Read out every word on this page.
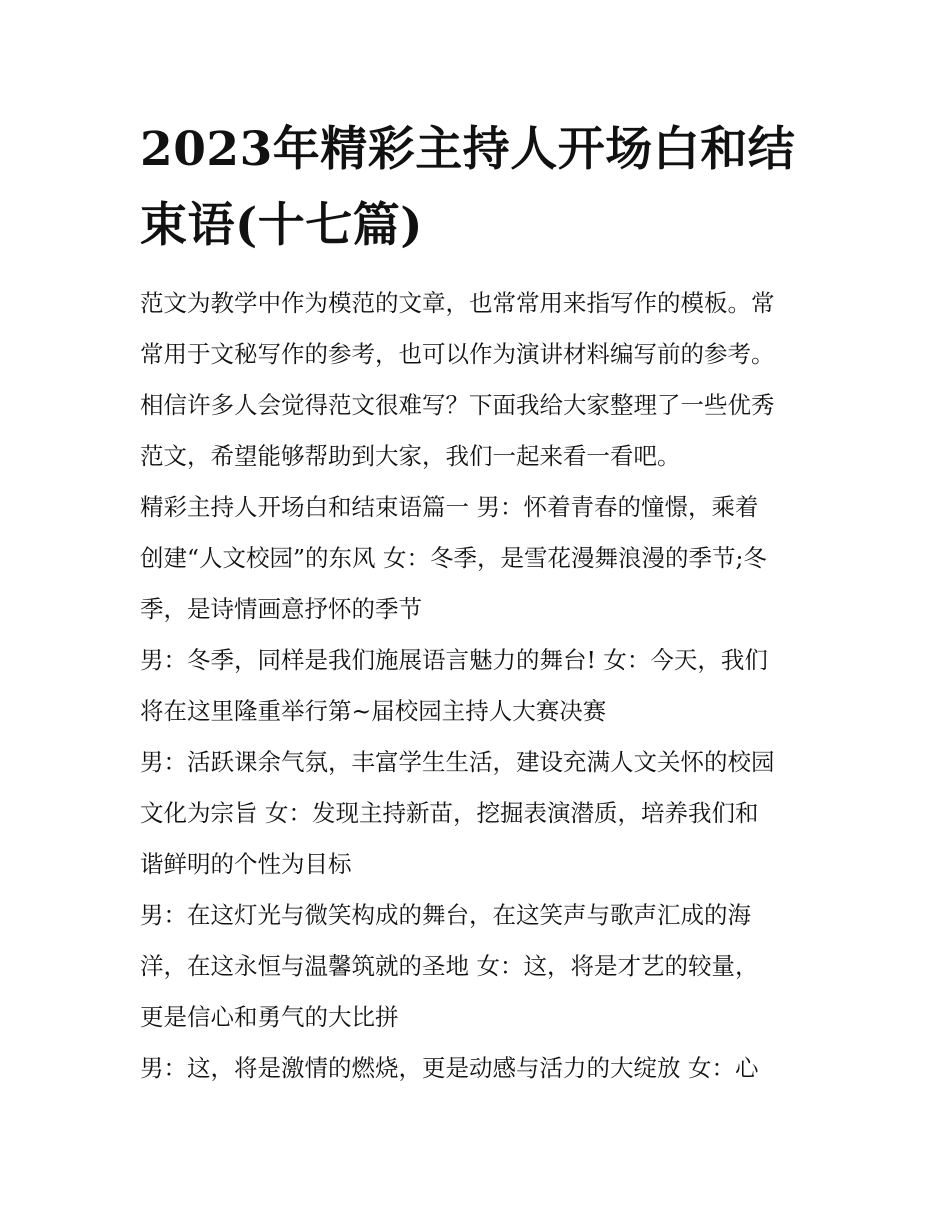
2023年精彩主持人开场白和结
束语(十七篇)
范文为教学中作为模范的文章，也常常用来指写作的模板。常
常用于文秘写作的参考，也可以作为演讲材料编写前的参考。
相信许多人会觉得范文很难写？下面我给大家整理了一些优秀
范文，希望能够帮助到大家，我们一起来看一看吧。
精彩主持人开场白和结束语篇一 男：怀着青春的憧憬，乘着
创建“人文校园”的东风 女：冬季，是雪花漫舞浪漫的季节;冬
季，是诗情画意抒怀的季节
男：冬季，同样是我们施展语言魅力的舞台! 女：今天，我们
将在这里隆重举行第~届校园主持人大赛决赛
男：活跃课余气氛，丰富学生生活，建设充满人文关怀的校园
文化为宗旨 女：发现主持新苗，挖掘表演潜质，培养我们和
谐鲜明的个性为目标
男：在这灯光与微笑构成的舞台，在这笑声与歌声汇成的海
洋，在这永恒与温馨筑就的圣地 女：这，将是才艺的较量，
更是信心和勇气的大比拼
男：这，将是激情的燃烧，更是动感与活力的大绽放 女：心
